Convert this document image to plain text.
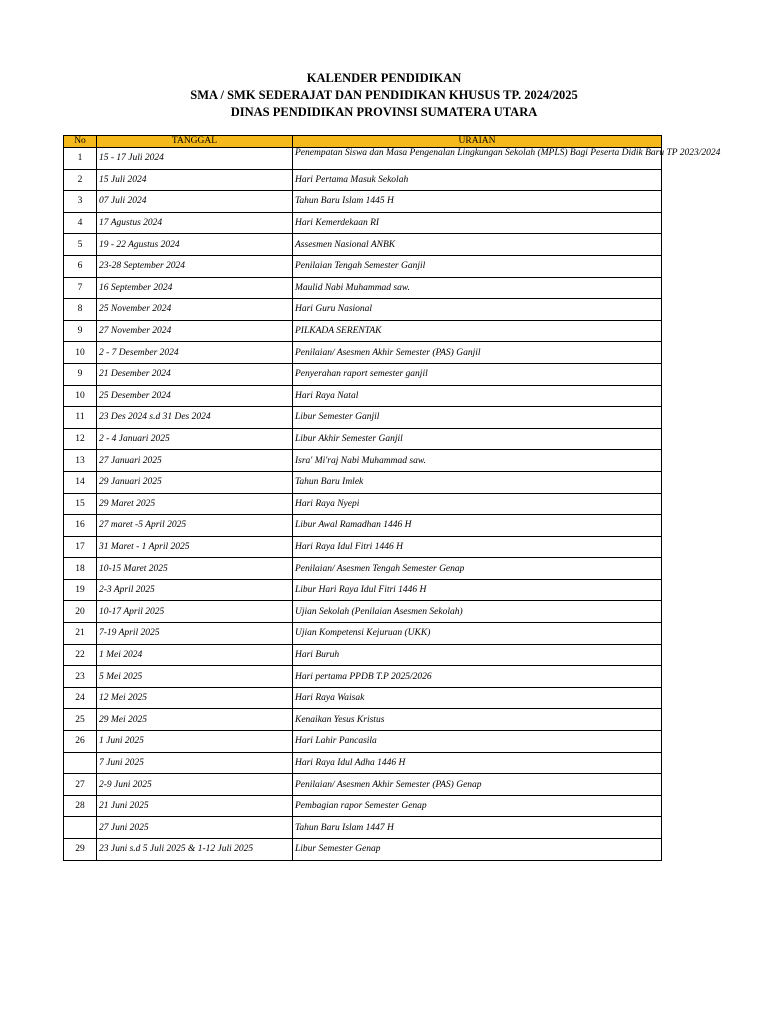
KALENDER PENDIDIKAN
SMA / SMK SEDERAJAT DAN PENDIDIKAN KHUSUS TP. 2024/2025
DINAS PENDIDIKAN PROVINSI SUMATERA UTARA
No	TANGGAL	URAIAN
1	15 - 17 Juli 2024	Penempatan Siswa dan Masa Pengenalan Lingkungan Sekolah (MPLS) Bagi Peserta Didik Baru TP 2023/2024
2	15 Juli 2024	Hari Pertama Masuk Sekolah
3	07 Juli 2024	Tahun Baru Islam 1445 H
4	17 Agustus 2024	Hari Kemerdekaan RI
5	19 - 22 Agustus 2024	Assesmen Nasional ANBK
6	23-28 September 2024	Penilaian Tengah Semester Ganjil
7	16 September 2024	Maulid Nabi Muhammad saw.
8	25 November 2024	Hari Guru Nasional
9	27 November 2024	PILKADA SERENTAK
10	2 - 7 Desember 2024	Penilaian/ Asesmen Akhir Semester (PAS) Ganjil
9	21 Desember 2024	Penyerahan raport semester ganjil
10	25 Desember 2024	Hari Raya Natal
11	23 Des 2024 s.d 31 Des 2024	Libur Semester Ganjil
12	2 - 4 Januari 2025	Libur Akhir Semester Ganjil
13	27 Januari 2025	Isra' Mi'raj Nabi Muhammad saw.
14	29 Januari 2025	Tahun Baru Imlek
15	29 Maret 2025	Hari Raya Nyepi
16	27 maret -5 April 2025	Libur Awal Ramadhan 1446 H
17	31 Maret - 1 April 2025	Hari Raya Idul Fitri 1446 H
18	10-15 Maret 2025	Penilaian/ Asesmen Tengah Semester Genap
19	2-3 April 2025	Libur Hari Raya Idul Fitri 1446 H
20	10-17 April 2025	Ujian Sekolah (Penilaian Asesmen Sekolah)
21	7-19 April 2025	Ujian Kompetensi Kejuruan (UKK)
22	1 Mei 2024	Hari Buruh
23	5 Mei 2025	Hari pertama PPDB T.P 2025/2026
24	12 Mei 2025	Hari Raya Waisak
25	29 Mei 2025	Kenaikan Yesus Kristus
26	1 Juni 2025	Hari Lahir Pancasila
	7 Juni 2025	Hari Raya Idul Adha 1446 H
27	2-9 Juni 2025	Penilaian/ Asesmen Akhir Semester (PAS) Genap
28	21 Juni 2025	Pembagian rapor Semester Genap
	27 Juni 2025	Tahun Baru Islam 1447 H
29	23 Juni s.d 5 Juli 2025 & 1-12 Juli 2025	Libur Semester Genap
